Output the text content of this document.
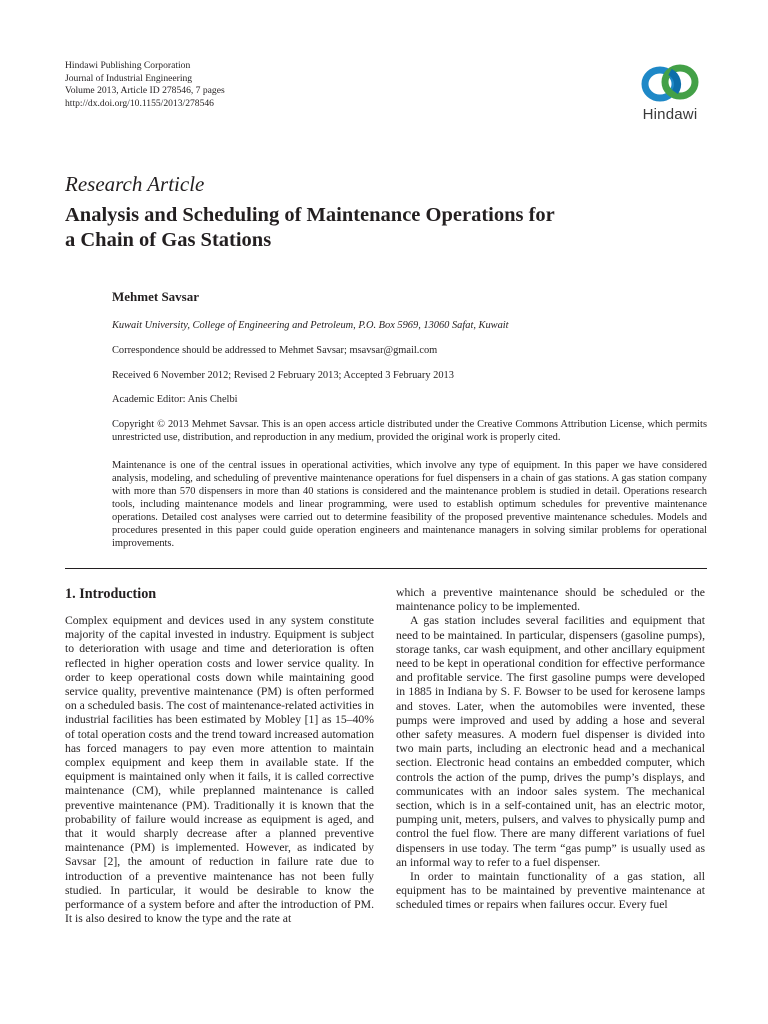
Hindawi Publishing Corporation
Journal of Industrial Engineering
Volume 2013, Article ID 278546, 7 pages
http://dx.doi.org/10.1155/2013/278546
Hindawi
Research Article
Analysis and Scheduling of Maintenance Operations for
a Chain of Gas Stations
Mehmet Savsar
Kuwait University, College of Engineering and Petroleum, P.O. Box 5969, 13060 Safat, Kuwait
Correspondence should be addressed to Mehmet Savsar; msavsar@gmail.com
Received 6 November 2012; Revised 2 February 2013; Accepted 3 February 2013
Academic Editor: Anis Chelbi
Copyright © 2013 Mehmet Savsar. This is an open access article distributed under the Creative Commons Attribution License, which permits unrestricted use, distribution, and reproduction in any medium, provided the original work is properly cited.
Maintenance is one of the central issues in operational activities, which involve any type of equipment. In this paper we have considered analysis, modeling, and scheduling of preventive maintenance operations for fuel dispensers in a chain of gas stations. A gas station company with more than 570 dispensers in more than 40 stations is considered and the maintenance problem is studied in detail. Operations research tools, including maintenance models and linear programming, were used to establish optimum schedules for preventive maintenance operations. Detailed cost analyses were carried out to determine feasibility of the proposed preventive maintenance schedules. Models and procedures presented in this paper could guide operation engineers and maintenance managers in solving similar problems for operational improvements.
1. Introduction

Complex equipment and devices used in any system constitute majority of the capital invested in industry. Equipment is subject to deterioration with usage and time and deterioration is often reflected in higher operation costs and lower service quality. In order to keep operational costs down while maintaining good service quality, preventive maintenance (PM) is often performed on a scheduled basis. The cost of maintenance-related activities in industrial facilities has been estimated by Mobley [1] as 15–40% of total operation costs and the trend toward increased automation has forced managers to pay even more attention to maintain complex equipment and keep them in available state. If the equipment is maintained only when it fails, it is called corrective maintenance (CM), while preplanned maintenance is called preventive maintenance (PM). Traditionally it is known that the probability of failure would increase as equipment is aged, and that it would sharply decrease after a planned preventive maintenance (PM) is implemented. However, as indicated by Savsar [2], the amount of reduction in failure rate due to introduction of a preventive maintenance has not been fully studied. In particular, it would be desirable to know the performance of a system before and after the introduction of PM. It is also desired to know the type and the rate at

which a preventive maintenance should be scheduled or the maintenance policy to be implemented.

A gas station includes several facilities and equipment that need to be maintained. In particular, dispensers (gasoline pumps), storage tanks, car wash equipment, and other ancillary equipment need to be kept in operational condition for effective performance and profitable service. The first gasoline pumps were developed in 1885 in Indiana by S. F. Bowser to be used for kerosene lamps and stoves. Later, when the automobiles were invented, these pumps were improved and used by adding a hose and several other safety measures. A modern fuel dispenser is divided into two main parts, including an electronic head and a mechanical section. Electronic head contains an embedded computer, which controls the action of the pump, drives the pump’s displays, and communicates with an indoor sales system. The mechanical section, which is in a self-contained unit, has an electric motor, pumping unit, meters, pulsers, and valves to physically pump and control the fuel flow. There are many different variations of fuel dispensers in use today. The term “gas pump” is usually used as an informal way to refer to a fuel dispenser.

In order to maintain functionality of a gas station, all equipment has to be maintained by preventive maintenance at scheduled times or repairs when failures occur. Every fuel
